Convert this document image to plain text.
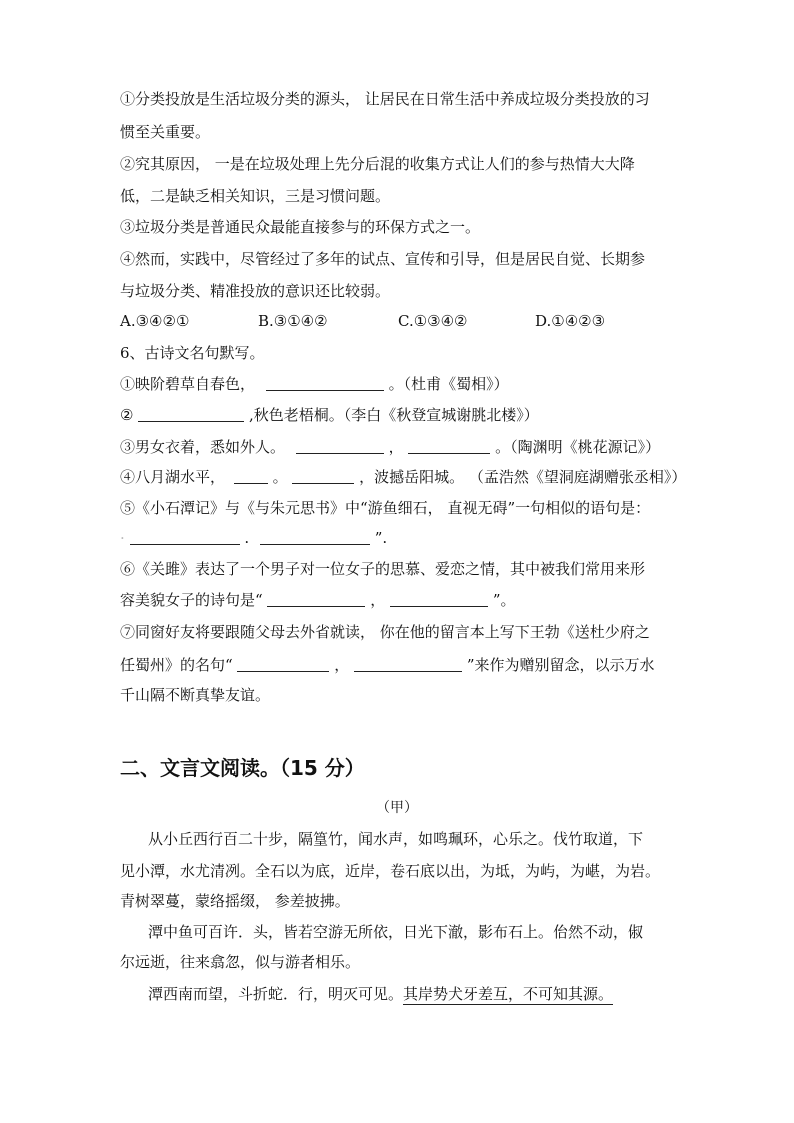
①分类投放是生活垃圾分类的源头， 让居民在日常生活中养成垃圾分类投放的习
惯至关重要。
②究其原因， 一是在垃圾处理上先分后混的收集方式让人们的参与热情大大降
低，二是缺乏相关知识，三是习惯问题。
③垃圾分类是普通民众最能直接参与的环保方式之一。
④然而，实践中，尽管经过了多年的试点、宣传和引导，但是居民自觉、长期参
与垃圾分类、精准投放的意识还比较弱。
A.③④②①	B.③①④②	C.①③④②	D.①④②③
6、古诗文名句默写。
①映阶碧草自春色，	。（杜甫《蜀相》）
②	,秋色老梧桐。（李白《秋登宣城谢朓北楼》）
③男女衣着，悉如外人。	，	。（陶渊明《桃花源记》）
④八月湖水平，	。	，波撼岳阳城。 （孟浩然《望洞庭湖赠张丞相》）
⑤《小石潭记》与《与朱元思书》中“游鱼细石， 直视无碍”一句相似的语句是：
·	.	”.
⑥《关雎》表达了一个男子对一位女子的思慕、爱恋之情，其中被我们常用来形
容美貌女子的诗句是“	，	”。
⑦同窗好友将要跟随父母去外省就读， 你在他的留言本上写下王勃《送杜少府之
任蜀州》的名句“	，	”来作为赠别留念，以示万水
千山隔不断真挚友谊。
二、文言文阅读。（15 分）
（甲）
从小丘西行百二十步，隔篁竹，闻水声，如鸣珮环，心乐之。伐竹取道，下
见小潭，水尤清冽。全石以为底，近岸，卷石底以出，为坻，为屿，为嵁，为岩。
青树翠蔓，蒙络摇缀， 参差披拂。
潭中鱼可百许．头，皆若空游无所依，日光下澈，影布石上。佁然不动，俶
尔远逝，往来翕忽，似与游者相乐。
潭西南而望，斗折蛇．行，明灭可见。其岸势犬牙差互，不可知其源。
